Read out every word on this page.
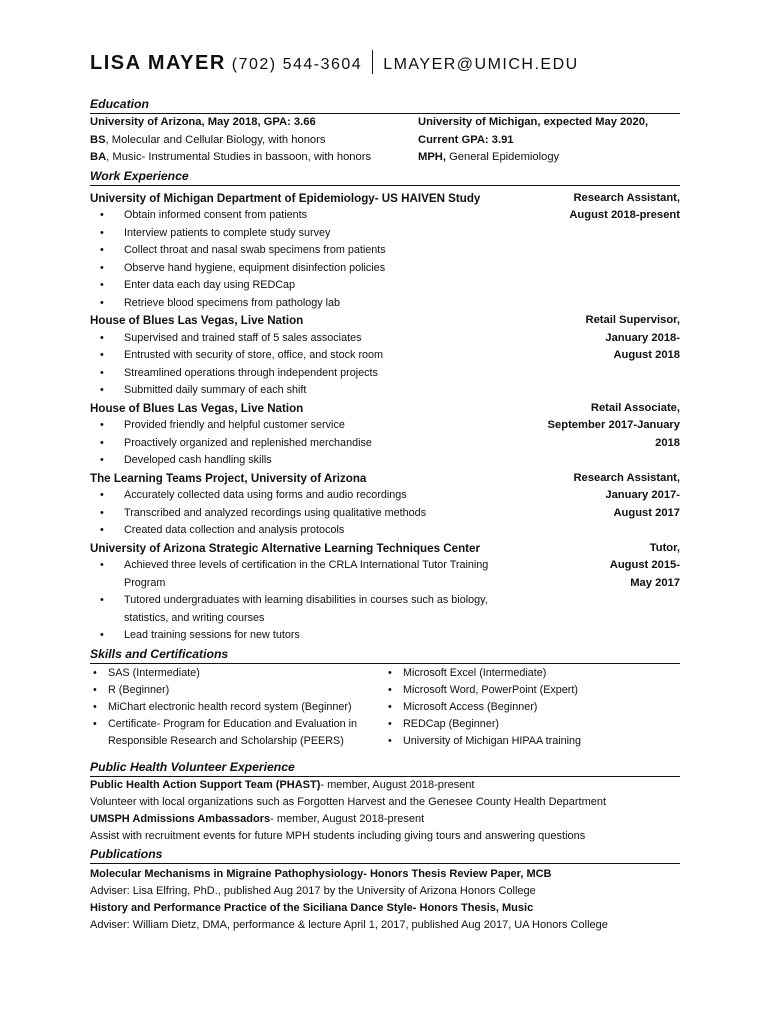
LISA MAYER (702) 544-3604 LMAYER@UMICH.EDU
Education
University of Arizona, May 2018, GPA: 3.66
BS, Molecular and Cellular Biology, with honors
BA, Music- Instrumental Studies in bassoon, with honors
University of Michigan, expected May 2020,
Current GPA: 3.91
MPH, General Epidemiology
Work Experience
University of Michigan Department of Epidemiology- US HAIVEN Study
• Obtain informed consent from patients
• Interview patients to complete study survey
• Collect throat and nasal swab specimens from patients
• Observe hand hygiene, equipment disinfection policies
• Enter data each day using REDCap
• Retrieve blood specimens from pathology lab
Research Assistant,
August 2018-present
House of Blues Las Vegas, Live Nation
• Supervised and trained staff of 5 sales associates
• Entrusted with security of store, office, and stock room
• Streamlined operations through independent projects
• Submitted daily summary of each shift
Retail Supervisor,
January 2018-
August 2018
House of Blues Las Vegas, Live Nation
• Provided friendly and helpful customer service
• Proactively organized and replenished merchandise
• Developed cash handling skills
Retail Associate,
September 2017-January
2018
The Learning Teams Project, University of Arizona
• Accurately collected data using forms and audio recordings
• Transcribed and analyzed recordings using qualitative methods
• Created data collection and analysis protocols
Research Assistant,
January 2017-
August 2017
University of Arizona Strategic Alternative Learning Techniques Center
• Achieved three levels of certification in the CRLA International Tutor Training Program
• Tutored undergraduates with learning disabilities in courses such as biology, statistics, and writing courses
• Lead training sessions for new tutors
Tutor,
August 2015-
May 2017
Skills and Certifications
• SAS (Intermediate)
• R (Beginner)
• MiChart electronic health record system (Beginner)
• Certificate- Program for Education and Evaluation in Responsible Research and Scholarship (PEERS)
• Microsoft Excel (Intermediate)
• Microsoft Word, PowerPoint (Expert)
• Microsoft Access (Beginner)
• REDCap (Beginner)
• University of Michigan HIPAA training
Public Health Volunteer Experience
Public Health Action Support Team (PHAST)- member, August 2018-present
Volunteer with local organizations such as Forgotten Harvest and the Genesee County Health Department
UMSPH Admissions Ambassadors- member, August 2018-present
Assist with recruitment events for future MPH students including giving tours and answering questions
Publications
Molecular Mechanisms in Migraine Pathophysiology- Honors Thesis Review Paper, MCB
Adviser: Lisa Elfring, PhD., published Aug 2017 by the University of Arizona Honors College
History and Performance Practice of the Siciliana Dance Style- Honors Thesis, Music
Adviser: William Dietz, DMA, performance & lecture April 1, 2017, published Aug 2017, UA Honors College
